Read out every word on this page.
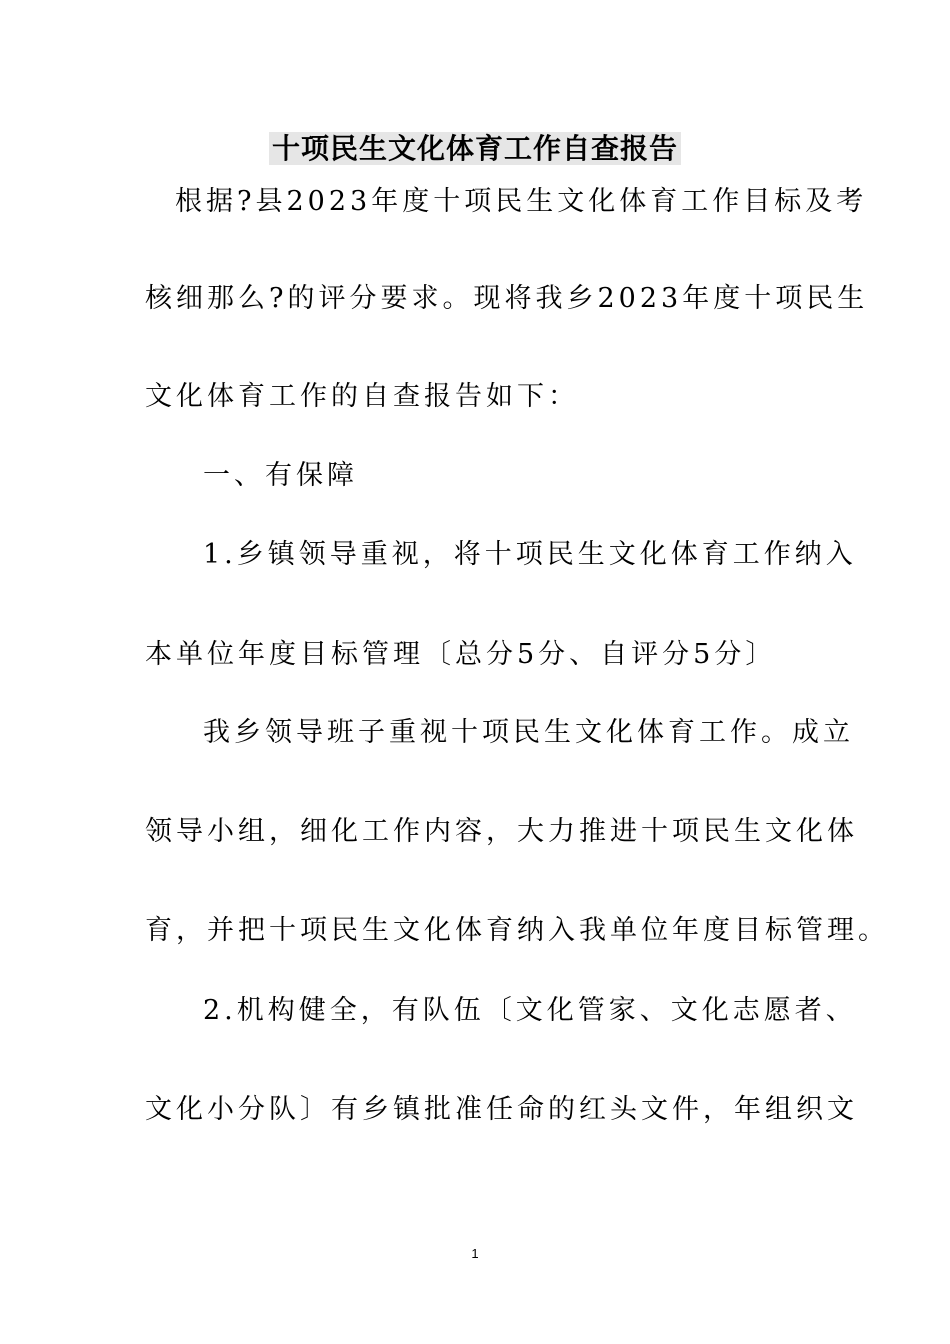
十项民生文化体育工作自查报告
根据?县2023年度十项民生文化体育工作目标及考
核细那么?的评分要求。现将我乡2023年度十项民生
文化体育工作的自查报告如下：
一、有保障
1.乡镇领导重视，将十项民生文化体育工作纳入
本单位年度目标管理〔总分5分、自评分5分〕
我乡领导班子重视十项民生文化体育工作。成立
领导小组，细化工作内容，大力推进十项民生文化体
育，并把十项民生文化体育纳入我单位年度目标管理。
2.机构健全，有队伍〔文化管家、文化志愿者、
文化小分队〕有乡镇批准任命的红头文件，年组织文
1
